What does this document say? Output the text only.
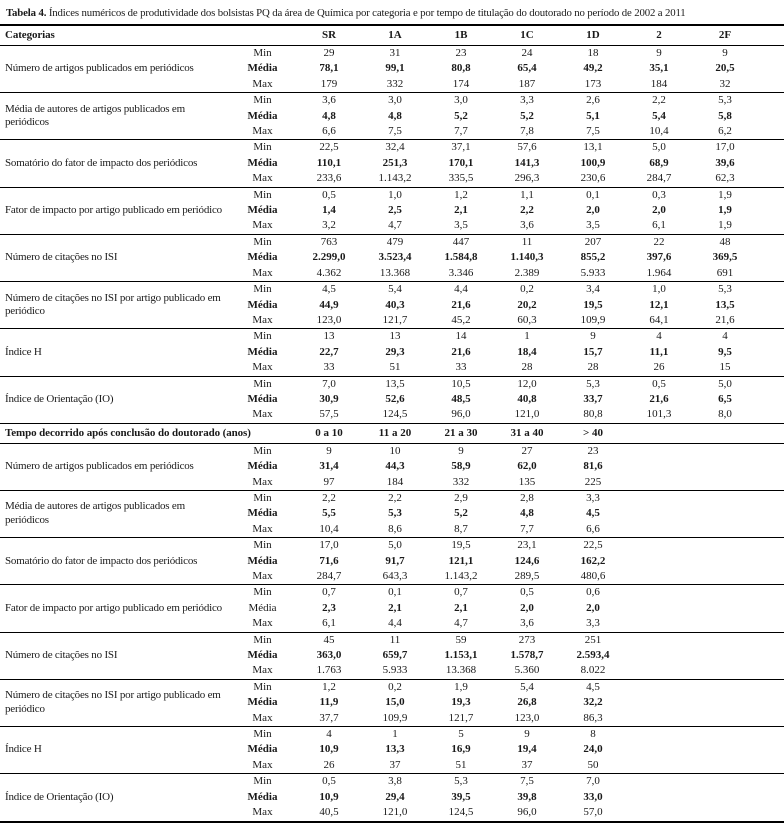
Tabela 4. Índices numéricos de produtividade dos bolsistas PQ da área de Química por categoria e por tempo de titulação do doutorado no período de 2002 a 2011
Categorias		SR	1A	1B	1C	1D	2	2F	
Número de artigos publicados em periódicos	Min	29	31	23	24	18	9	9	
	Média	78,1	99,1	80,8	65,4	49,2	35,1	20,5	
	Max	179	332	174	187	173	184	32	
Média de autores de artigos publicados em periódicos	Min	3,6	3,0	3,0	3,3	2,6	2,2	5,3	
	Média	4,8	4,8	5,2	5,2	5,1	5,4	5,8	
	Max	6,6	7,5	7,7	7,8	7,5	10,4	6,2	
Somatório do fator de impacto dos periódicos	Min	22,5	32,4	37,1	57,6	13,1	5,0	17,0	
	Média	110,1	251,3	170,1	141,3	100,9	68,9	39,6	
	Max	233,6	1.143,2	335,5	296,3	230,6	284,7	62,3	
Fator de impacto por artigo publicado em periódico	Min	0,5	1,0	1,2	1,1	0,1	0,3	1,9	
	Média	1,4	2,5	2,1	2,2	2,0	2,0	1,9	
	Max	3,2	4,7	3,5	3,6	3,5	6,1	1,9	
Número de citações no ISI	Min	763	479	447	11	207	22	48	
	Média	2.299,0	3.523,4	1.584,8	1.140,3	855,2	397,6	369,5	
	Max	4.362	13.368	3.346	2.389	5.933	1.964	691	
Número de citações no ISI por artigo publicado em periódico	Min	4,5	5,4	4,4	0,2	3,4	1,0	5,3	
	Média	44,9	40,3	21,6	20,2	19,5	12,1	13,5	
	Max	123,0	121,7	45,2	60,3	109,9	64,1	21,6	
Índice H	Min	13	13	14	1	9	4	4	
	Média	22,7	29,3	21,6	18,4	15,7	11,1	9,5	
	Max	33	51	33	28	28	26	15	
Índice de Orientação (IO)	Min	7,0	13,5	10,5	12,0	5,3	0,5	5,0	
	Média	30,9	52,6	48,5	40,8	33,7	21,6	6,5	
	Max	57,5	124,5	96,0	121,0	80,8	101,3	8,0	
Tempo decorrido após conclusão do doutorado (anos)		0 a 10	11 a 20	21 a 30	31 a 40	> 40			
Número de artigos publicados em periódicos	Min	9	10	9	27	23			
	Média	31,4	44,3	58,9	62,0	81,6			
	Max	97	184	332	135	225			
Média de autores de artigos publicados em periódicos	Min	2,2	2,2	2,9	2,8	3,3			
	Média	5,5	5,3	5,2	4,8	4,5			
	Max	10,4	8,6	8,7	7,7	6,6			
Somatório do fator de impacto dos periódicos	Min	17,0	5,0	19,5	23,1	22,5			
	Média	71,6	91,7	121,1	124,6	162,2			
	Max	284,7	643,3	1.143,2	289,5	480,6			
Fator de impacto por artigo publicado em periódico	Min	0,7	0,1	0,7	0,5	0,6			
	Média	2,3	2,1	2,1	2,0	2,0			
	Max	6,1	4,4	4,7	3,6	3,3			
Número de citações no ISI	Min	45	11	59	273	251			
	Média	363,0	659,7	1.153,1	1.578,7	2.593,4			
	Max	1.763	5.933	13.368	5.360	8.022			
Número de citações no ISI por artigo publicado em periódico	Min	1,2	0,2	1,9	5,4	4,5			
	Média	11,9	15,0	19,3	26,8	32,2			
	Max	37,7	109,9	121,7	123,0	86,3			
Índice H	Min	4	1	5	9	8			
	Média	10,9	13,3	16,9	19,4	24,0			
	Max	26	37	51	37	50			
Índice de Orientação (IO)	Min	0,5	3,8	5,3	7,5	7,0			
	Média	10,9	29,4	39,5	39,8	33,0			
	Max	40,5	121,0	124,5	96,0	57,0			
